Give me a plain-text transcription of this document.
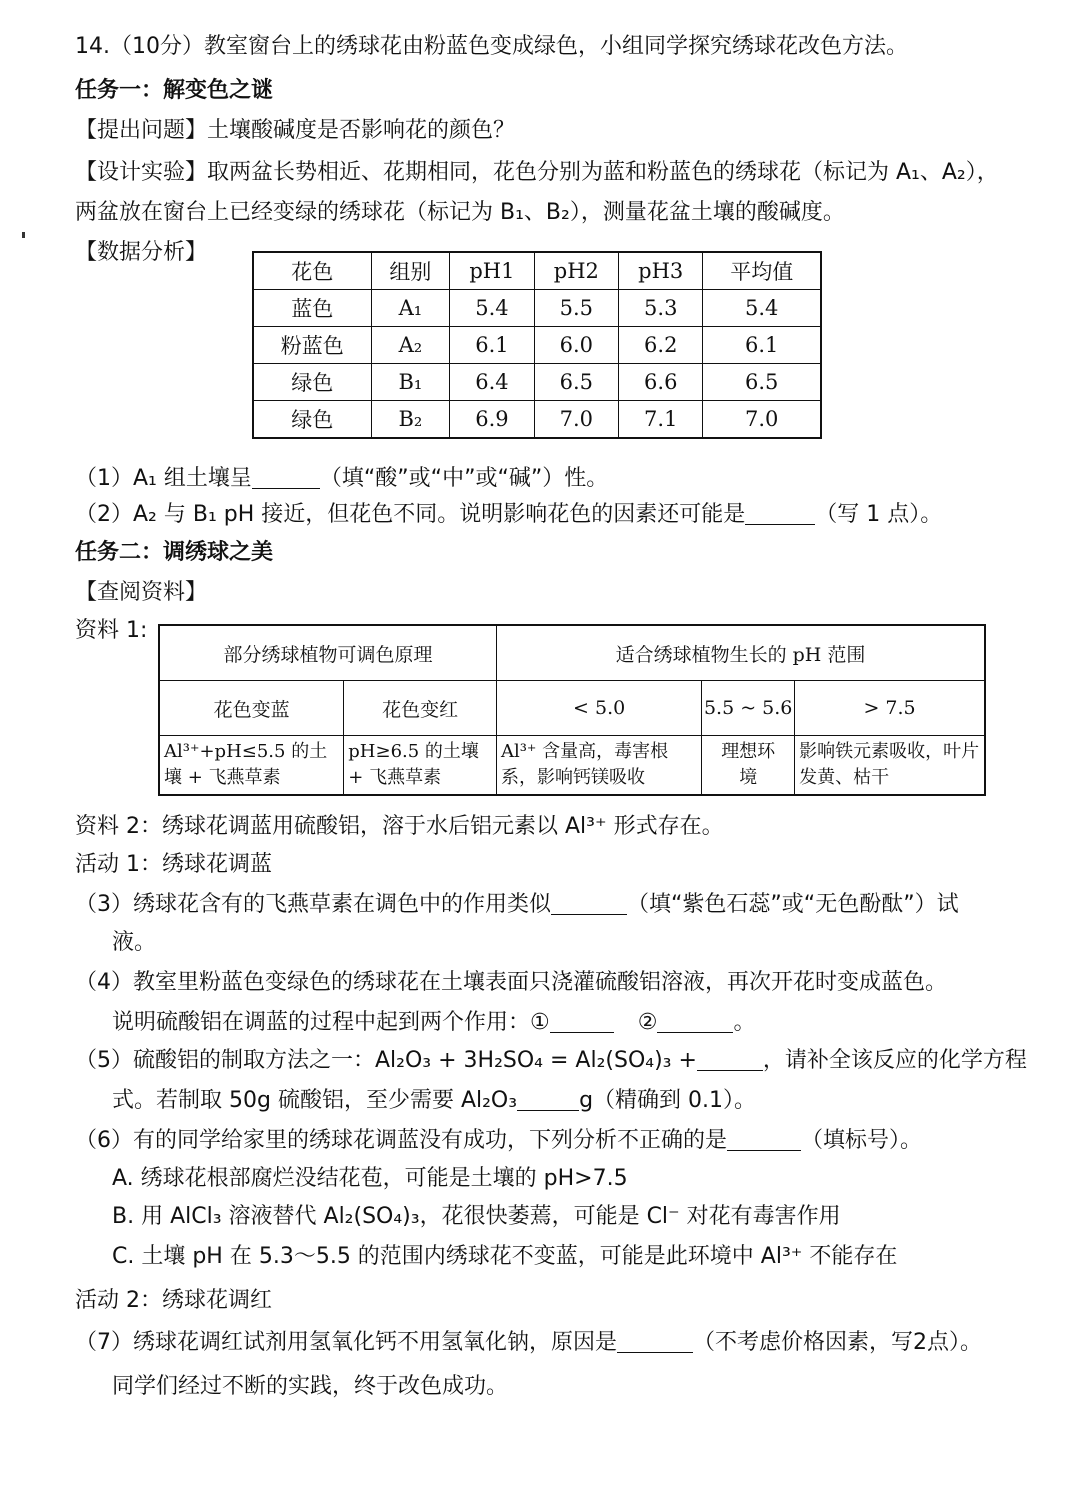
14.（10分）教室窗台上的绣球花由粉蓝色变成绿色，小组同学探究绣球花改色方法。
任务一：解变色之谜
【提出问题】土壤酸碱度是否影响花的颜色？
【设计实验】取两盆长势相近、花期相同，花色分别为蓝和粉蓝色的绣球花（标记为 A₁、A₂），
两盆放在窗台上已经变绿的绣球花（标记为 B₁、B₂），测量花盆土壤的酸碱度。
【数据分析】
花色	组别	pH1	pH2	pH3	平均值
蓝色	A₁	5.4	5.5	5.3	5.4
粉蓝色	A₂	6.1	6.0	6.2	6.1
绿色	B₁	6.4	6.5	6.6	6.5
绿色	B₂	6.9	7.0	7.1	7.0
（1）A₁ 组土壤呈	（填“酸”或“中”或“碱”）性。
（2）A₂ 与 B₁ pH 接近，但花色不同。说明影响花色的因素还可能是	（写 1 点）。
任务二：调绣球之美
【查阅资料】
资料 1:
部分绣球植物可调色原理		适合绣球植物生长的 pH 范围		
花色变蓝	花色变红	< 5.0	5.5 ~ 5.6	> 7.5
Al³⁺+pH≤5.5 的土壤 + 飞燕草素	pH≥6.5 的土壤 + 飞燕草素	Al³⁺ 含量高，毒害根系，影响钙镁吸收	理想环境	影响铁元素吸收，叶片发黄、枯干
资料 2：绣球花调蓝用硫酸铝，溶于水后铝元素以 Al³⁺ 形式存在。
活动 1：绣球花调蓝
（3）绣球花含有的飞燕草素在调色中的作用类似	（填“紫色石蕊”或“无色酚酞”）试
液。
（4）教室里粉蓝色变绿色的绣球花在土壤表面只浇灌硫酸铝溶液，再次开花时变成蓝色。
说明硫酸铝在调蓝的过程中起到两个作用：①	②	。
（5）硫酸铝的制取方法之一：Al₂O₃ + 3H₂SO₄ = Al₂(SO₄)₃ +	，请补全该反应的化学方程
式。若制取 50g 硫酸铝，至少需要 Al₂O₃	g（精确到 0.1）。
（6）有的同学给家里的绣球花调蓝没有成功，下列分析不正确的是	（填标号）。
A. 绣球花根部腐烂没结花苞，可能是土壤的 pH>7.5
B. 用 AlCl₃ 溶液替代 Al₂(SO₄)₃，花很快萎蔫，可能是 Cl⁻ 对花有毒害作用
C. 土壤 pH 在 5.3～5.5 的范围内绣球花不变蓝，可能是此环境中 Al³⁺ 不能存在
活动 2：绣球花调红
（7）绣球花调红试剂用氢氧化钙不用氢氧化钠，原因是	（不考虑价格因素，写2点）。
同学们经过不断的实践，终于改色成功。
